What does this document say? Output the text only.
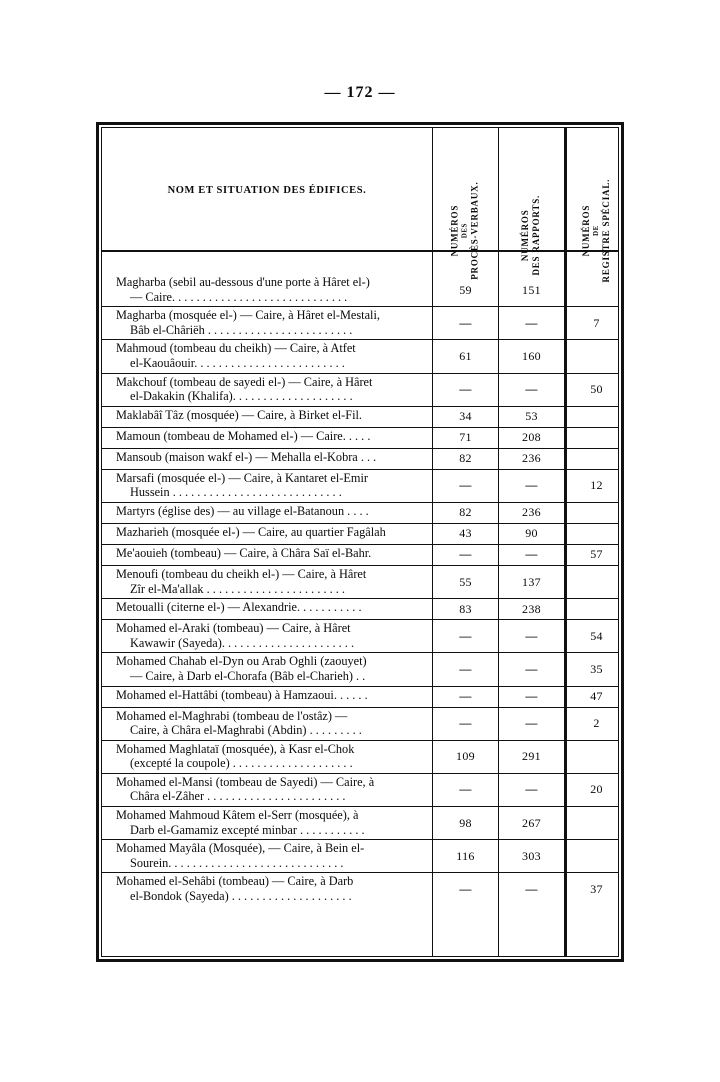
— 172 —
NOM ET SITUATION DES ÉDIFICES.
NUMÉROS DES PROCÈS-VERBAUX.	NUMÉROS DES RAPPORTS.	NUMÉROS DE REGISTRE SPÉCIAL.
Magharba (sebil au-dessous d'une porte à Hâret el-)
— Caire. . . . . . . . . . . . . . . . . . . . . . . . . . . . .	59	151
Magharba (mosquée el-) — Caire, à Hâret el-Mestali,
Bâb el-Châriëh . . . . . . . . . . . . . . . . . . . . . . . .	—	—	7
Mahmoud (tombeau du cheikh) — Caire, à Atfet
el-Kaouâouir. . . . . . . . . . . . . . . . . . . . . . . . .	61	160
Makchouf (tombeau de sayedi el-) — Caire, à Hâret
el-Dakakin (Khalifa). . . . . . . . . . . . . . . . . . . .	—	—	50
Maklabâî Tâz (mosquée) — Caire, à Birket el-Fil.	34	53
Mamoun (tombeau de Mohamed el-) — Caire. . . . .	71	208
Mansoub (maison wakf el-) — Mehalla el-Kobra . . .	82	236
Marsafi (mosquée el-) — Caire, à Kantaret el-Emir
Hussein . . . . . . . . . . . . . . . . . . . . . . . . . . . .	—	—	12
Martyrs (église des) — au village el-Batanoun . . . .	82	236
Mazharieh (mosquée el-) — Caire, au quartier Fagâlah	43	90
Me'aouieh (tombeau) — Caire, à Châra Saï el-Bahr.	—	—	57
Menoufi (tombeau du cheikh el-) — Caire, à Hâret
Zîr el-Ma'allak . . . . . . . . . . . . . . . . . . . . . . .	55	137
Metoualli (citerne el-) — Alexandrie. . . . . . . . . . .	83	238
Mohamed el-Araki (tombeau) — Caire, à Hâret
Kawawir (Sayeda). . . . . . . . . . . . . . . . . . . . . .	—	—	54
Mohamed Chahab el-Dyn ou Arab Oghli (zaouyet)
— Caire, à Darb el-Chorafa (Bâb el-Charieh) . .	—	—	35
Mohamed el-Hattâbi (tombeau) à Hamzaoui. . . . . .	—	—	47
Mohamed el-Maghrabi (tombeau de l'ostâz) —
Caire, à Châra el-Maghrabi (Abdin) . . . . . . . . .	—	—	2
Mohamed Maghlataï (mosquée), à Kasr el-Chok
(excepté la coupole) . . . . . . . . . . . . . . . . . . . .	109	291
Mohamed el-Mansi (tombeau de Sayedi) — Caire, à
Châra el-Zâher . . . . . . . . . . . . . . . . . . . . . . .	—	—	20
Mohamed Mahmoud Kâtem el-Serr (mosquée), à
Darb el-Gamamiz excepté minbar . . . . . . . . . . .	98	267
Mohamed Mayâla (Mosquée), — Caire, à Bein el-
Sourein. . . . . . . . . . . . . . . . . . . . . . . . . . . . .	116	303
Mohamed el-Sehâbi (tombeau) — Caire, à Darb
el-Bondok (Sayeda) . . . . . . . . . . . . . . . . . . . .	—	—	37
